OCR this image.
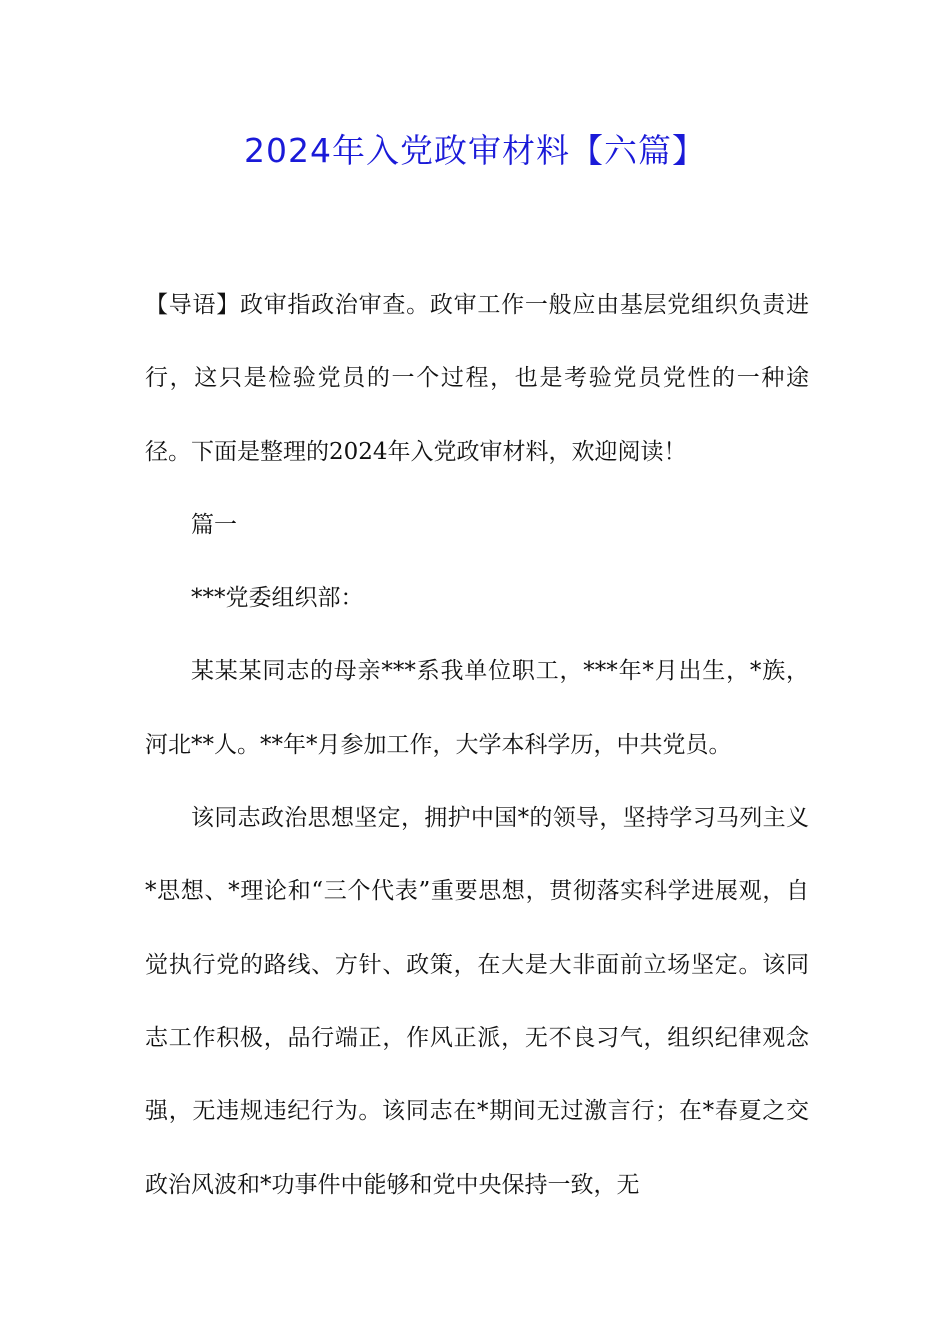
2024年入党政审材料【六篇】

【导语】政审指政治审查。政审工作一般应由基层党组织负责进行，这只是检验党员的一个过程，也是考验党员党性的一种途径。下面是整理的2024年入党政审材料，欢迎阅读！

篇一

***党委组织部：

某某某同志的母亲***系我单位职工，***年*月出生，*族，河北**人。**年*月参加工作，大学本科学历，中共党员。

该同志政治思想坚定，拥护中国*的领导，坚持学习马列主义*思想、*理论和“三个代表”重要思想，贯彻落实科学进展观，自觉执行党的路线、方针、政策，在大是大非面前立场坚定。该同志工作积极，品行端正，作风正派，无不良习气，组织纪律观念强，无违规违纪行为。该同志在*期间无过激言行；在*春夏之交政治风波和*功事件中能够和党中央保持一致，无
